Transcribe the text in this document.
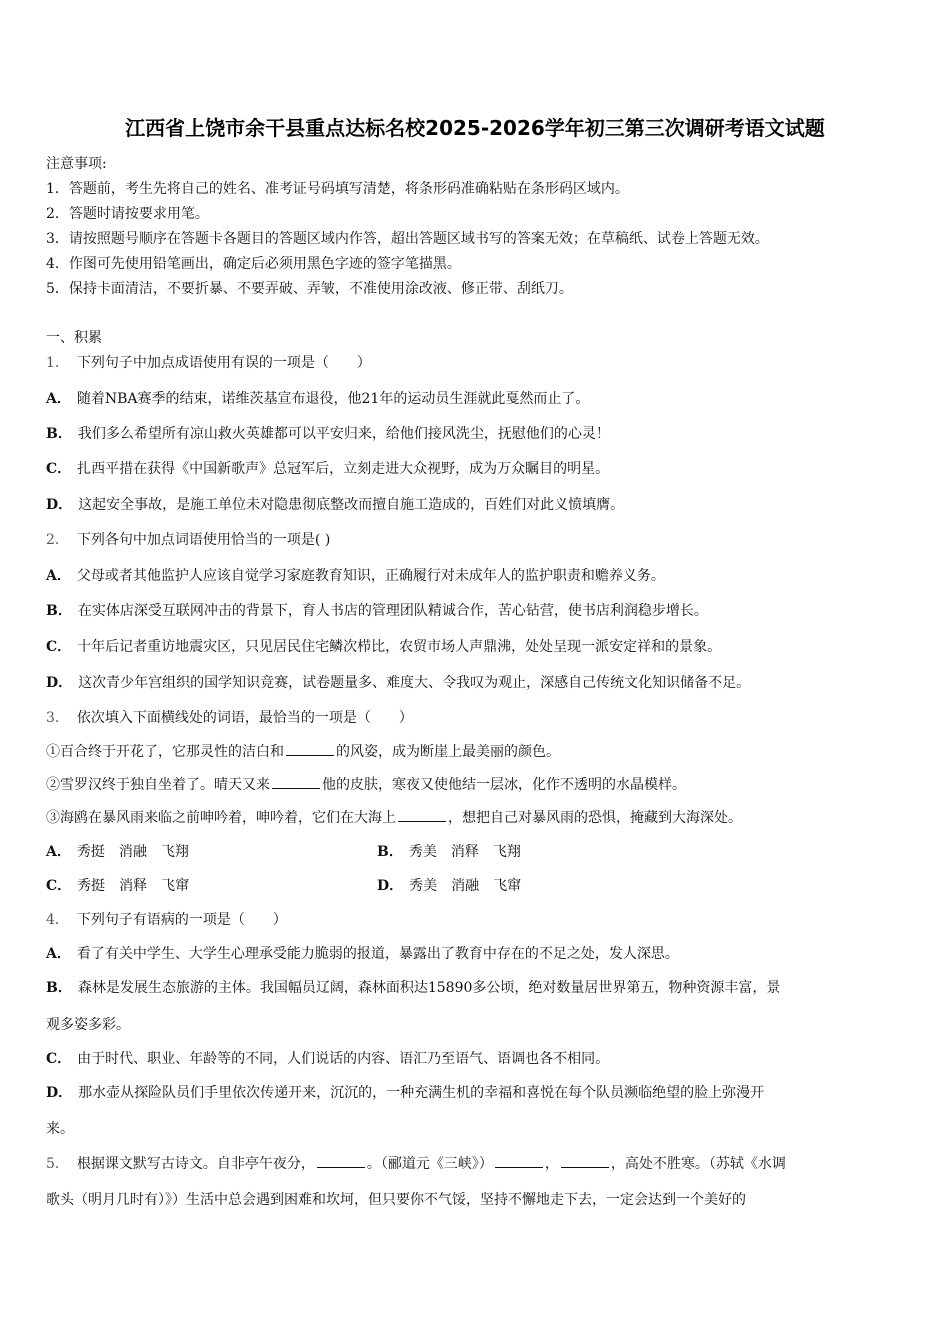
江西省上饶市余干县重点达标名校2025-2026学年初三第三次调研考语文试题
注意事项:
1．答题前，考生先将自己的姓名、准考证号码填写清楚，将条形码准确粘贴在条形码区域内。
2．答题时请按要求用笔。
3．请按照题号顺序在答题卡各题目的答题区域内作答，超出答题区域书写的答案无效；在草稿纸、试卷上答题无效。
4．作图可先使用铅笔画出，确定后必须用黑色字迹的签字笔描黑。
5．保持卡面清洁，不要折暴、不要弄破、弄皱，不准使用涂改液、修正带、刮纸刀。
一、积累
1． 下列句子中加点成语使用有误的一项是（　　）
A． 随着NBA赛季的结束，诺维茨基宣布退役，他21年的运动员生涯就此戛然而止了。
B． 我们多么希望所有凉山救火英雄都可以平安归来，给他们接风洗尘，抚慰他们的心灵！
C． 扎西平措在获得《中国新歌声》总冠军后，立刻走进大众视野，成为万众瞩目的明星。
D． 这起安全事故，是施工单位未对隐患彻底整改而擅自施工造成的，百姓们对此义愤填膺。
2． 下列各句中加点词语使用恰当的一项是( )
A． 父母或者其他监护人应该自觉学习家庭教育知识，正确履行对未成年人的监护职责和赡养义务。
B． 在实体店深受互联网冲击的背景下，育人书店的管理团队精诚合作，苦心钻营，使书店利润稳步增长。
C． 十年后记者重访地震灾区，只见居民住宅鳞次栉比，农贸市场人声鼎沸，处处呈现一派安定祥和的景象。
D． 这次青少年宫组织的国学知识竞赛，试卷题量多、难度大、令我叹为观止，深感自己传统文化知识储备不足。
3． 依次填入下面横线处的词语，最恰当的一项是（　　）
①百合终于开花了，它那灵性的洁白和	的风姿，成为断崖上最美丽的颜色。
②雪罗汉终于独自坐着了。晴天又来	他的皮肤，寒夜又使他结一层冰，化作不透明的水晶模样。
③海鸥在暴风雨来临之前呻吟着，呻吟着，它们在大海上	，想把自己对暴风雨的恐惧，掩藏到大海深处。
A． 秀挺　消融　飞翔	B． 秀美　消释　飞翔
C． 秀挺　消释　飞窜	D． 秀美　消融　飞窜
4． 下列句子有语病的一项是（　　）
A． 看了有关中学生、大学生心理承受能力脆弱的报道，暴露出了教育中存在的不足之处，发人深思。
B． 森林是发展生态旅游的主体。我国幅员辽阔，森林面积达15890多公顷，绝对数量居世界第五，物种资源丰富，景
观多姿多彩。
C． 由于时代、职业、年龄等的不同，人们说话的内容、语汇乃至语气、语调也各不相同。
D． 那水壶从探险队员们手里依次传递开来，沉沉的，一种充满生机的幸福和喜悦在每个队员濒临绝望的脸上弥漫开
来。
5． 根据课文默写古诗文。自非亭午夜分，	。（郦道元《三峡》）	，	，高处不胜寒。（苏轼《水调
歌头（明月几时有）》）生活中总会遇到困难和坎坷，但只要你不气馁，坚持不懈地走下去，一定会达到一个美好的
